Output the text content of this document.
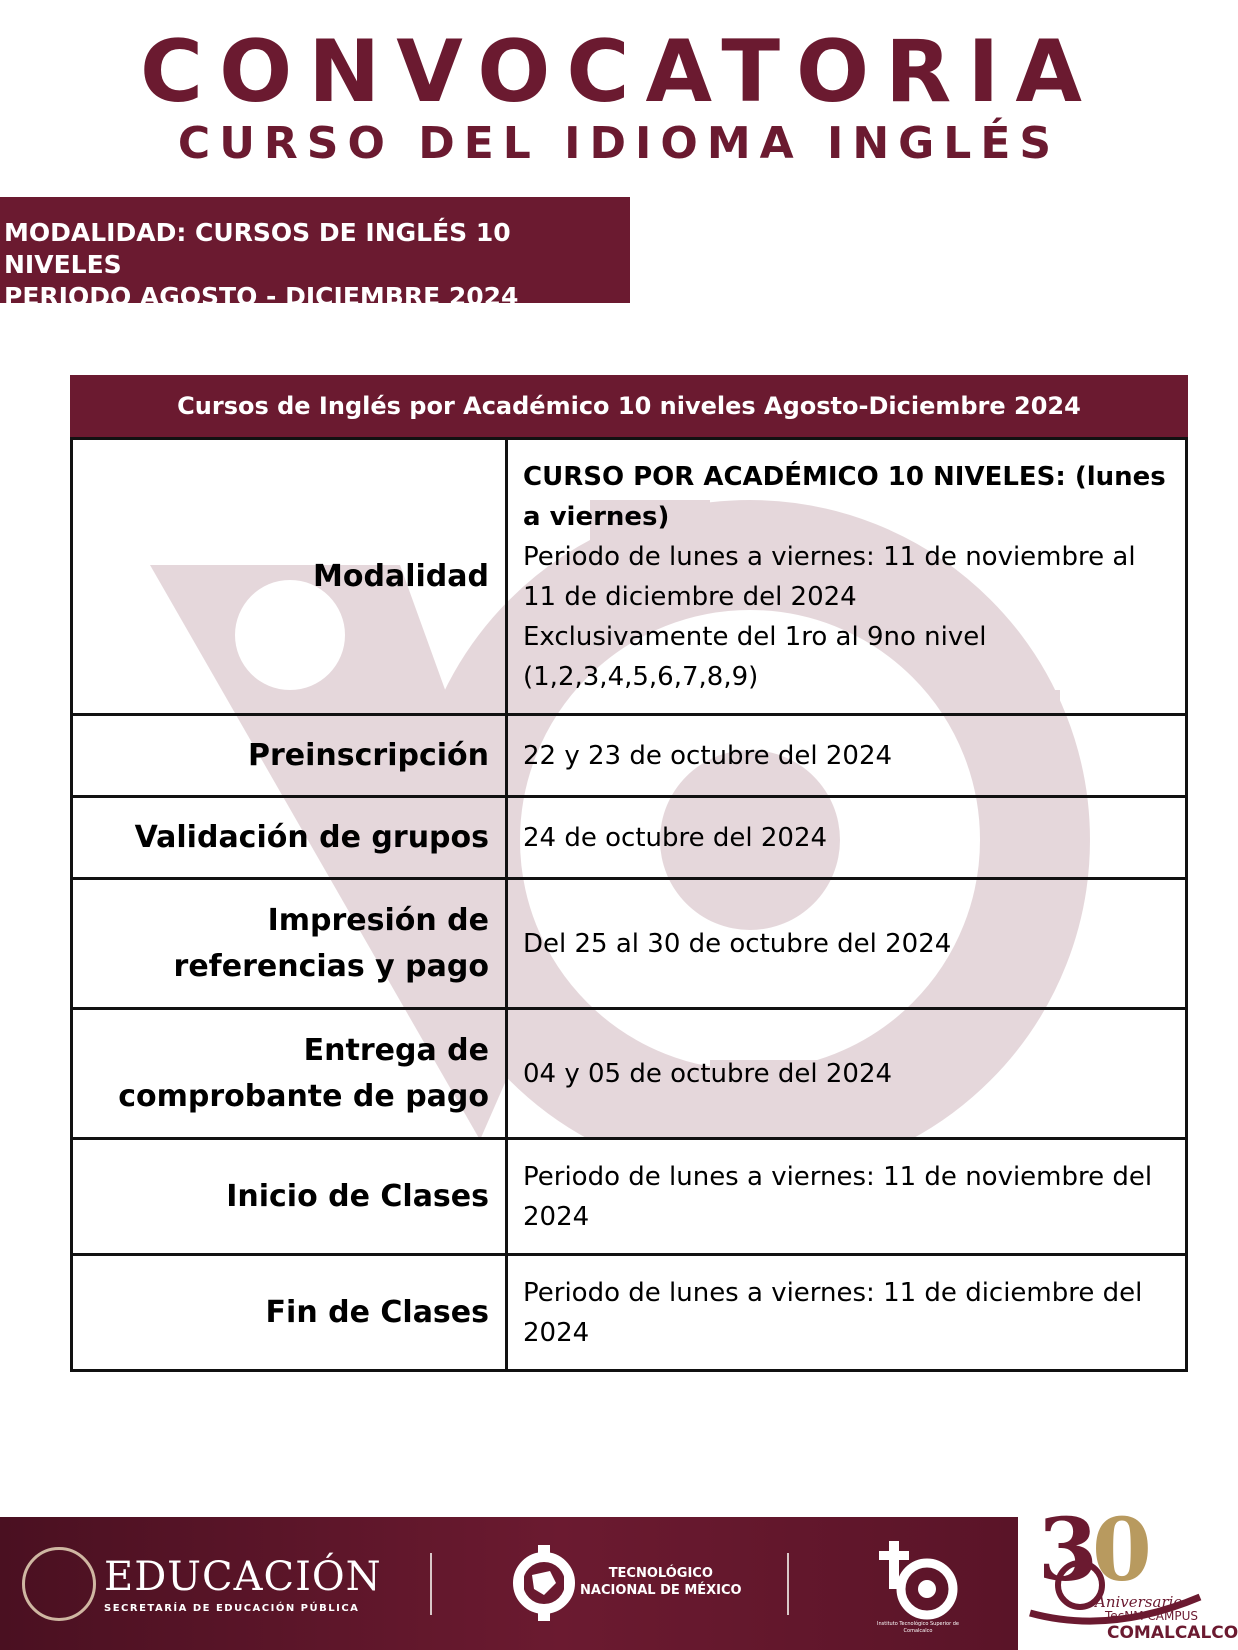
CONVOCATORIA
CURSO DEL IDIOMA INGLÉS
MODALIDAD: CURSOS DE INGLÉS 10 NIVELES
PERIODO AGOSTO - DICIEMBRE 2024
Cursos de Inglés por Académico 10 niveles Agosto-Diciembre 2024
Modalidad	CURSO POR ACADÉMICO 10 NIVELES: (lunes a viernes)
Periodo de lunes a viernes: 11 de noviembre al 11 de diciembre del 2024
Exclusivamente del 1ro al 9no nivel (1,2,3,4,5,6,7,8,9)

Preinscripción	22 y 23 de octubre del 2024
Validación de grupos	24 de octubre del 2024
Impresión de referencias y pago	Del 25 al 30 de octubre del 2024
Entrega de comprobante de pago	04 y 05 de octubre del 2024
Inicio de Clases	Periodo de lunes a viernes: 11 de noviembre del 2024
Fin de Clases	Periodo de lunes a viernes: 11 de diciembre del 2024
EDUCACIÓN
SECRETARÍA DE EDUCACIÓN PÚBLICA
TECNOLÓGICO
NACIONAL DE MÉXICO
Instituto Tecnológico Superior de Comalcalco
3
0
Aniversario
TecNM CAMPUS
COMALCALCO
